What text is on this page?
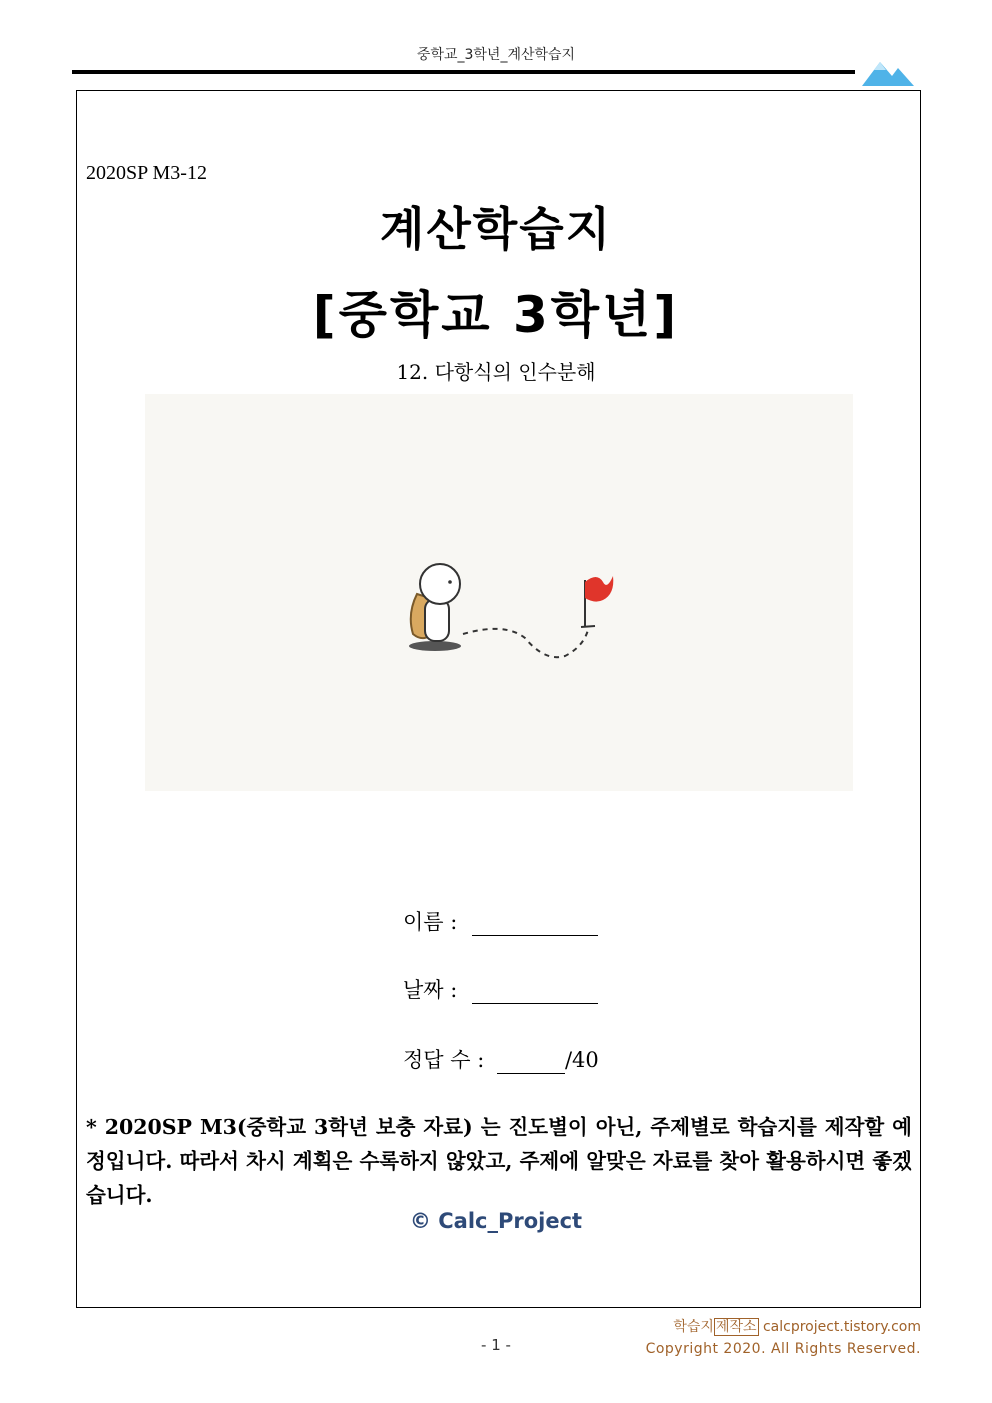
중학교_3학년_계산학습지
2020SP M3-12
계산학습지
[중학교 3학년]
12. 다항식의 인수분해
이름 :
날짜 :
정답 수 :	/40
* 2020SP M3(중학교 3학년 보충 자료) 는 진도별이 아닌, 주제별로 학습지를 제작할 예정입니다. 따라서 차시 계획은 수록하지 않았고, 주제에 알맞은 자료를 찾아 활용하시면 좋겠습니다.
© Calc_Project
학습지 제작소 calcproject.tistory.com
Copyright 2020. All Rights Reserved.
- 1 -
